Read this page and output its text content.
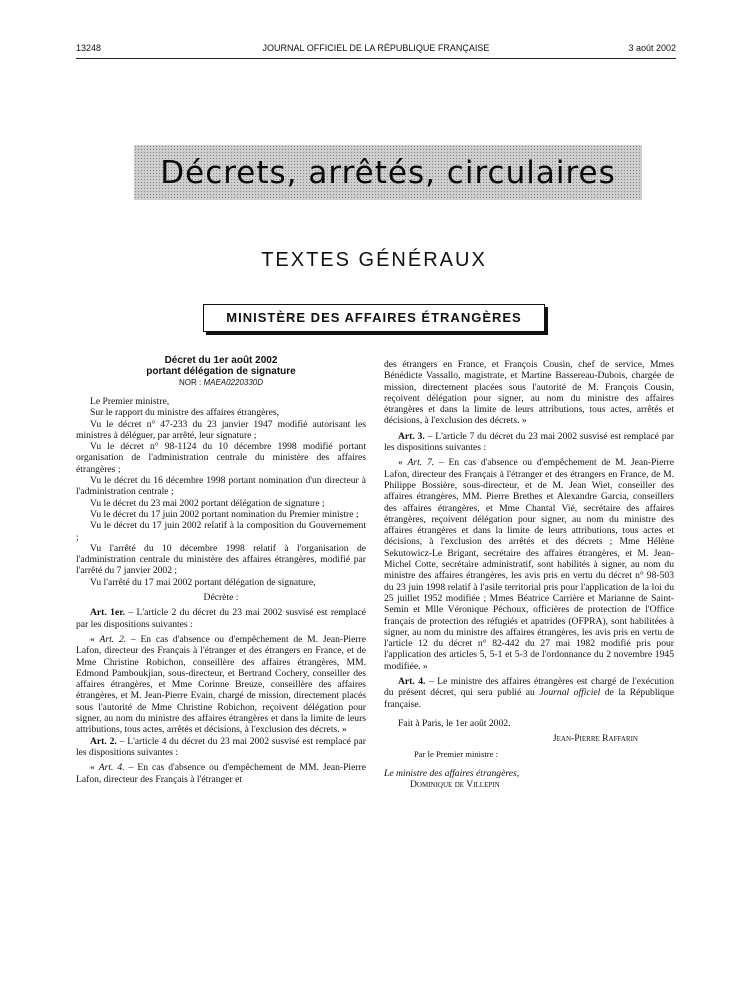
13248	JOURNAL OFFICIEL DE LA RÉPUBLIQUE FRANÇAISE	3 août 2002
Décrets, arrêtés, circulaires
TEXTES GÉNÉRAUX
MINISTÈRE DES AFFAIRES ÉTRANGÈRES
Décret du 1er août 2002
portant délégation de signature
NOR : MAEA0220330D

Le Premier ministre,

Sur le rapport du ministre des affaires étrangères,

Vu le décret n° 47-233 du 23 janvier 1947 modifié autorisant les ministres à déléguer, par arrêté, leur signature ;

Vu le décret n° 98-1124 du 10 décembre 1998 modifié portant organisation de l'administration centrale du ministère des affaires étrangères ;

Vu le décret du 16 décembre 1998 portant nomination d'un directeur à l'administration centrale ;

Vu le décret du 23 mai 2002 portant délégation de signature ;

Vu le décret du 17 juin 2002 portant nomination du Premier ministre ;

Vu le décret du 17 juin 2002 relatif à la composition du Gouvernement ;

Vu l'arrêté du 10 décembre 1998 relatif à l'organisation de l'administration centrale du ministère des affaires étrangères, modifié par l'arrêté du 7 janvier 2002 ;

Vu l'arrêté du 17 mai 2002 portant délégation de signature,

Décrète :

Art. 1er. – L'article 2 du décret du 23 mai 2002 susvisé est remplacé par les dispositions suivantes :

« Art. 2. – En cas d'absence ou d'empêchement de M. Jean-Pierre Lafon, directeur des Français à l'étranger et des étrangers en France, et de Mme Christine Robichon, conseillère des affaires étrangères, MM. Edmond Pamboukjian, sous-directeur, et Bertrand Cochery, conseiller des affaires étrangères, et Mme Corinne Breuze, conseillère des affaires étrangères, et M. Jean-Pierre Evain, chargé de mission, directement placés sous l'autorité de Mme Christine Robichon, reçoivent délégation pour signer, au nom du ministre des affaires étrangères et dans la limite de leurs attributions, tous actes, arrêtés et décisions, à l'exclusion des décrets. »

Art. 2. – L'article 4 du décret du 23 mai 2002 susvisé est remplacé par les dispositions suivantes :

« Art. 4. – En cas d'absence ou d'empêchement de MM. Jean-Pierre Lafon, directeur des Français à l'étranger et

des étrangers en France, et François Cousin, chef de service, Mmes Bénédicte Vassallo, magistrate, et Martine Bassereau-Dubois, chargée de mission, directement placées sous l'autorité de M. François Cousin, reçoivent délégation pour signer, au nom du ministre des affaires étrangères et dans la limite de leurs attributions, tous actes, arrêtés et décisions, à l'exclusion des décrets. »

Art. 3. – L'article 7 du décret du 23 mai 2002 susvisé est remplacé par les dispositions suivantes :

« Art. 7. – En cas d'absence ou d'empêchement de M. Jean-Pierre Lafon, directeur des Français à l'étranger et des étrangers en France, de M. Philippe Bossière, sous-directeur, et de M. Jean Wiet, conseiller des affaires étrangères, MM. Pierre Brethes et Alexandre Garcia, conseillers des affaires étrangères, et Mme Chantal Vié, secrétaire des affaires étrangères, reçoivent délégation pour signer, au nom du ministre des affaires étrangères et dans la limite de leurs attributions, tous actes et décisions, à l'exclusion des arrêtés et des décrets ; Mme Hélène Sekutowicz-Le Brigant, secrétaire des affaires étrangères, et M. Jean-Michel Cotte, secrétaire administratif, sont habilités à signer, au nom du ministre des affaires étrangères, les avis pris en vertu du décret n° 98-503 du 23 juin 1998 relatif à l'asile territorial pris pour l'application de la loi du 25 juillet 1952 modifiée ; Mmes Béatrice Carrière et Marianne de Saint-Semin et Mlle Véronique Péchoux, officières de protection de l'Office français de protection des réfugiés et apatrides (OFPRA), sont habilitées à signer, au nom du ministre des affaires étrangères, les avis pris en vertu de l'article 12 du décret n° 82-442 du 27 mai 1982 modifié pris pour l'application des articles 5, 5-1 et 5-3 de l'ordonnance du 2 novembre 1945 modifiée. »

Art. 4. – Le ministre des affaires étrangères est chargé de l'exécution du présent décret, qui sera publié au Journal officiel de la République française.

Fait à Paris, le 1er août 2002.

Jean-Pierre Raffarin

Par le Premier ministre :

Le ministre des affaires étrangères,

Dominique de Villepin
